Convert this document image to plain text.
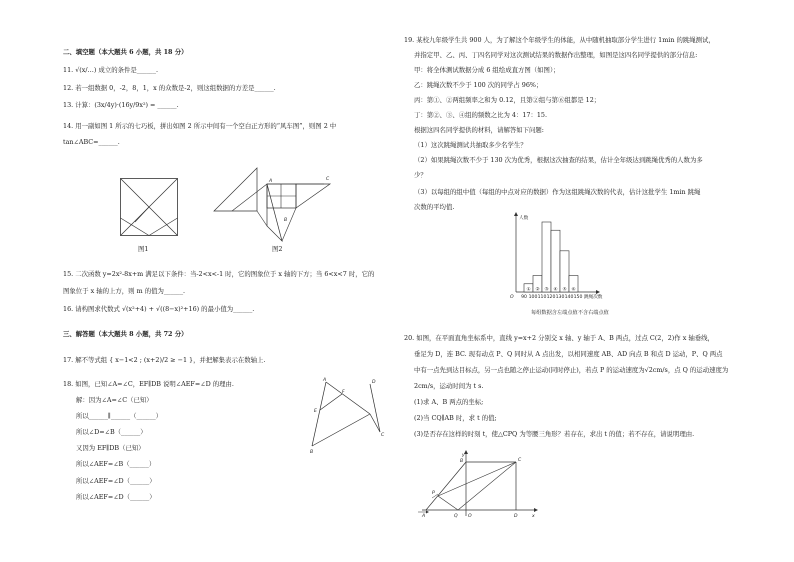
二、填空题（本大题共 6 小题，共 18 分）
11. √(x/…) 成立的条件是______.
12. 若一组数据 0，-2，8，1，x 的众数是-2，则这组数据的方差是______.
13. 计算：(3x/4y)·(16y/9x²) = ______.
14. 用一副如图 1 所示的七巧板，拼出如图 2 所示中间有一个空白正方形的“风车图”，则图 2 中
tan∠ABC=______.
图1
A
B
C
图2
15. 二次函数 y=2x²-8x+m 满足以下条件：当-2<x<-1 时，它的图象位于 x 轴的下方；当 6<x<7 时，它的
图象位于 x 轴的上方，则 m 的值为______.
16. 请构图求代数式 √(x²+4) + √((8−x)²+16) 的最小值为______.
三、解答题（本大题共 8 小题，共 72 分）
17. 解不等式组 { x−1<2 ; (x+2)/2 ≥ −1 }，并把解集表示在数轴上.
18. 如图，已知∠A=∠C，EF∥DB 说明∠AEF=∠D 的理由.
解：因为∠A=∠C（已知）
所以______∥______（______）
所以∠D=∠B（______）
又因为 EF∥DB（已知）
所以∠AEF=∠B（______）
所以∠AEF=∠D（______）
所以∠AEF=∠D（______）
A
F
E
D
C
B
19. 某校九年级学生共 900 人，为了解这个年级学生的体能，从中随机抽取部分学生进行 1min 的跳绳测试，
并指定甲、乙、丙、丁四名同学对这次测试结果的数据作出整理，如图是这四名同学提供的部分信息:
甲：将全体测试数据分成 6 组绘成直方图（如图）；
乙：跳绳次数不少于 100 次的同学占 96%；
丙：第①、②两组频率之和为 0.12，且第②组与第⑥组都是 12；
丁：第②、③、④组的频数之比为 4：17：15.
根据这四名同学提供的材料，请解答如下问题:
（1）这次跳绳测试共抽取多少名学生？
（2）如果跳绳次数不少于 130 次为优秀，根据这次抽查的结果，估计全年级达到跳绳优秀的人数为多
少？
（3）以每组的组中值（每组的中点对应的数据）作为这组跳绳次数的代表，估计这批学生 1min 跳绳
次数的平均值.
① ② ③ ④ ⑤ ⑥
90 100 110 120 130 140 150
O
人数
跳绳次数
每组数据含左端点值不含右端点值
20. 如图，在平面直角坐标系中，直线 y=x+2 分别交 x 轴、y 轴于 A、B 两点，过点 C(2，2)作 x 轴垂线，
垂足为 D，连 BC. 现有动点 P、Q 同时从 A 点出发，以相同速度 AB、AD 向点 B 和点 D 运动，P、Q 两点
中有一点先到达目标点，另一点也随之停止运动(同时停止)，若点 P 的运动速度为√2cm/s，点 Q 的运动速度为
2cm/s，运动时间为 t s.
(1)求 A、B 两点的坐标;
(2)当 CQ∥AB 时，求 t 的值;
(3)是否存在这样的时刻 t，使△CPQ 为等腰三角形？若存在，求出 t 的值；若不存在，请说明理由.
y
B	C
P
A	O
Q	D	x
